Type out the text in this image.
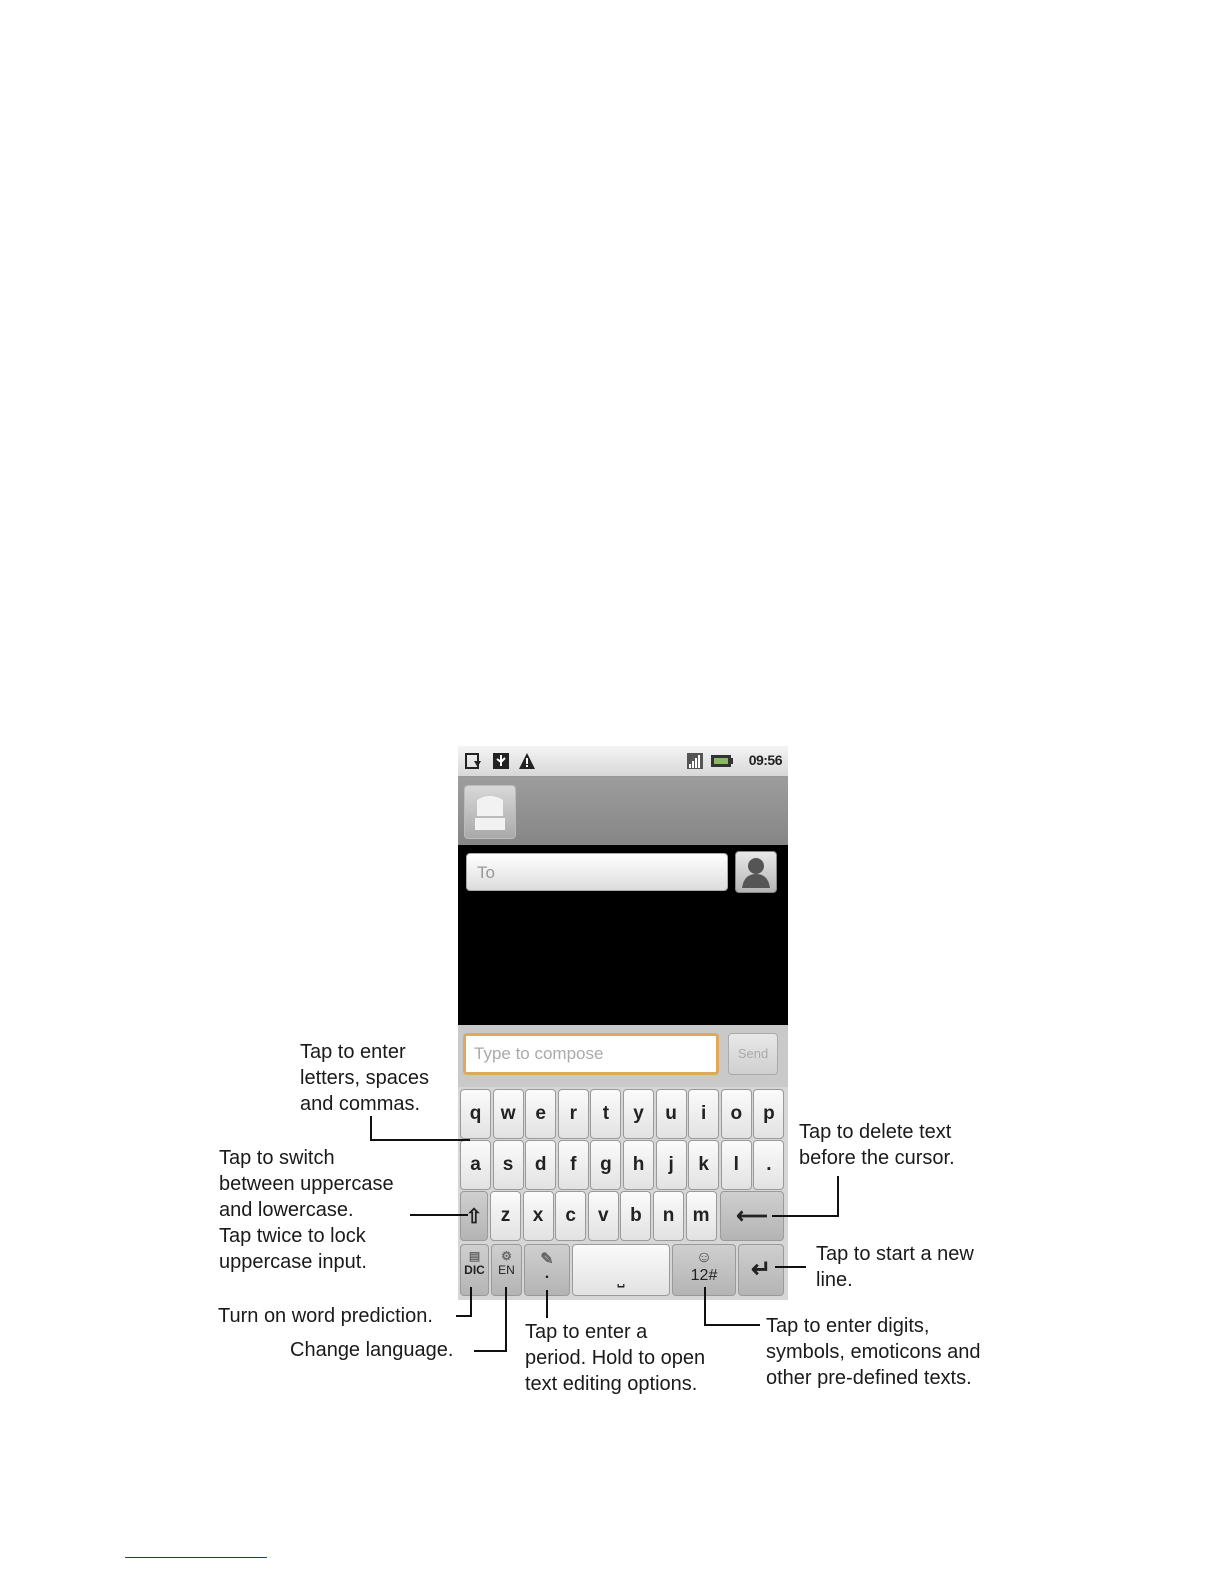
09:56
To
Type to compose	Send
q	w	e	r	t	y	u	i	o	p
a	s	d	f	g	h	j	k	l	.
z	x	c	v	b	n m
⇧	⟵
▤
DIC
⚙
EN
✎
.	⎵
☺
12#	↵
Tap to enter
letters, spaces
and commas.
Tap to switch
between uppercase
and lowercase.
Tap twice to lock
uppercase input.
Tap to delete text
before the cursor.
Tap to start a new
line.
Turn on word prediction.
Change language.
Tap to enter a
period. Hold to open
text editing options.
Tap to enter digits,
symbols, emoticons and
other pre-defined texts.
